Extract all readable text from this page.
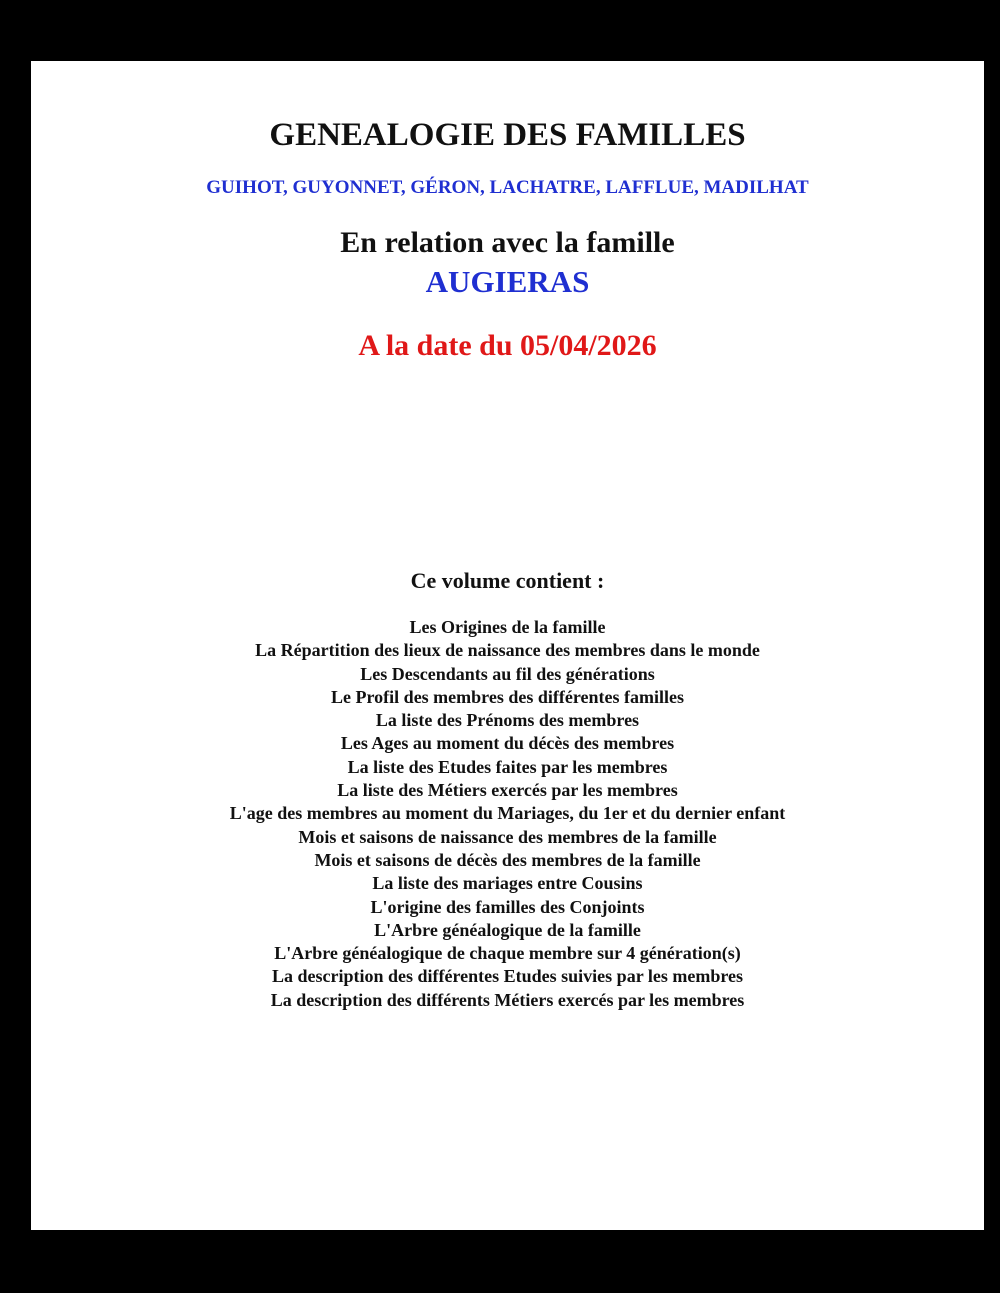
GENEALOGIE DES FAMILLES
GUIHOT, GUYONNET, GÉRON, LACHATRE, LAFFLUE, MADILHAT
En relation avec la famille
AUGIERAS
A la date du 05/04/2026
Ce volume contient :
Les Origines de la famille
La Répartition des lieux de naissance des membres dans le monde
Les Descendants au fil des générations
Le Profil des membres des différentes familles
La liste des Prénoms des membres
Les Ages au moment du décès des membres
La liste des Etudes faites par les membres
La liste des Métiers exercés par les membres
L'age des membres au moment du Mariages, du 1er et du dernier enfant
Mois et saisons de naissance des membres de la famille
Mois et saisons de décès des membres de la famille
La liste des mariages entre Cousins
L'origine des familles des Conjoints
L'Arbre généalogique de la famille
L'Arbre généalogique de chaque membre sur 4 génération(s)
La description des différentes Etudes suivies par les membres
La description des différents Métiers exercés par les membres
